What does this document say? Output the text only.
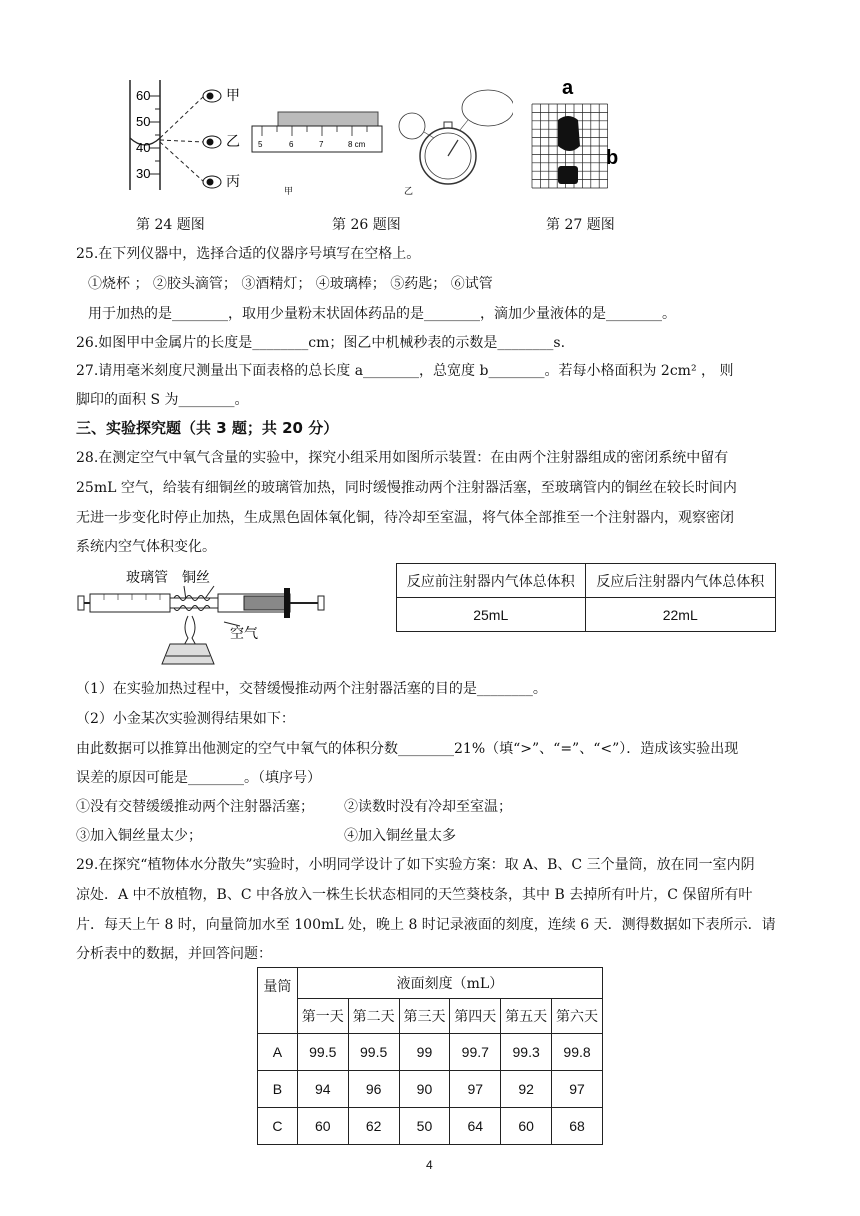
60
50
40
30
甲
乙
丙
5	6	7	8 cm
甲	乙
a
b
第 24 题图	第 26 题图	第 27 题图
25.在下列仪器中，选择合适的仪器序号填写在空格上。
①烧杯 ； ②胶头滴管； ③酒精灯； ④玻璃棒； ⑤药匙； ⑥试管
用于加热的是________，取用少量粉末状固体药品的是________，滴加少量液体的是________。
26.如图甲中金属片的长度是________cm；图乙中机械秒表的示数是________s.
27.请用毫米刻度尺测量出下面表格的总长度 a________，总宽度 b________。若每小格面积为 2cm² ， 则
脚印的面积 S 为________。
三、实验探究题（共 3 题；共 20 分）
28.在测定空气中氧气含量的实验中，探究小组采用如图所示装置：在由两个注射器组成的密闭系统中留有
25mL 空气，给装有细铜丝的玻璃管加热，同时缓慢推动两个注射器活塞，至玻璃管内的铜丝在较长时间内
无进一步变化时停止加热，生成黑色固体氧化铜，待冷却至室温，将气体全部推至一个注射器内，观察密闭
系统内空气体积变化。
玻璃管 铜丝
空气
反应前注射器内气体总体积	反应后注射器内气体总体积
25mL	22mL
（1）在实验加热过程中，交替缓慢推动两个注射器活塞的目的是________。
（2）小金某次实验测得结果如下：
由此数据可以推算出他测定的空气中氧气的体积分数________21%（填“>”、“=”、“<”）．造成该实验出现
误差的原因可能是________。（填序号）
①没有交替缓缓推动两个注射器活塞； ②读数时没有冷却至室温；
③加入铜丝量太少；	④加入铜丝量太多
29.在探究“植物体水分散失”实验时，小明同学设计了如下实验方案：取 A、B、C 三个量筒，放在同一室内阴
凉处．A 中不放植物，B、C 中各放入一株生长状态相同的天竺葵枝条，其中 B 去掉所有叶片，C 保留所有叶
片．每天上午 8 时，向量筒加水至 100mL 处，晚上 8 时记录液面的刻度，连续 6 天．测得数据如下表所示．请
分析表中的数据，并回答问题：
量筒	液面刻度（mL）					
	第一天	第二天	第三天	第四天	第五天	第六天
A	99.5	99.5	99	99.7	99.3	99.8
B	94	96	90	97	92	97
C	60	62	50	64	60	68
4
